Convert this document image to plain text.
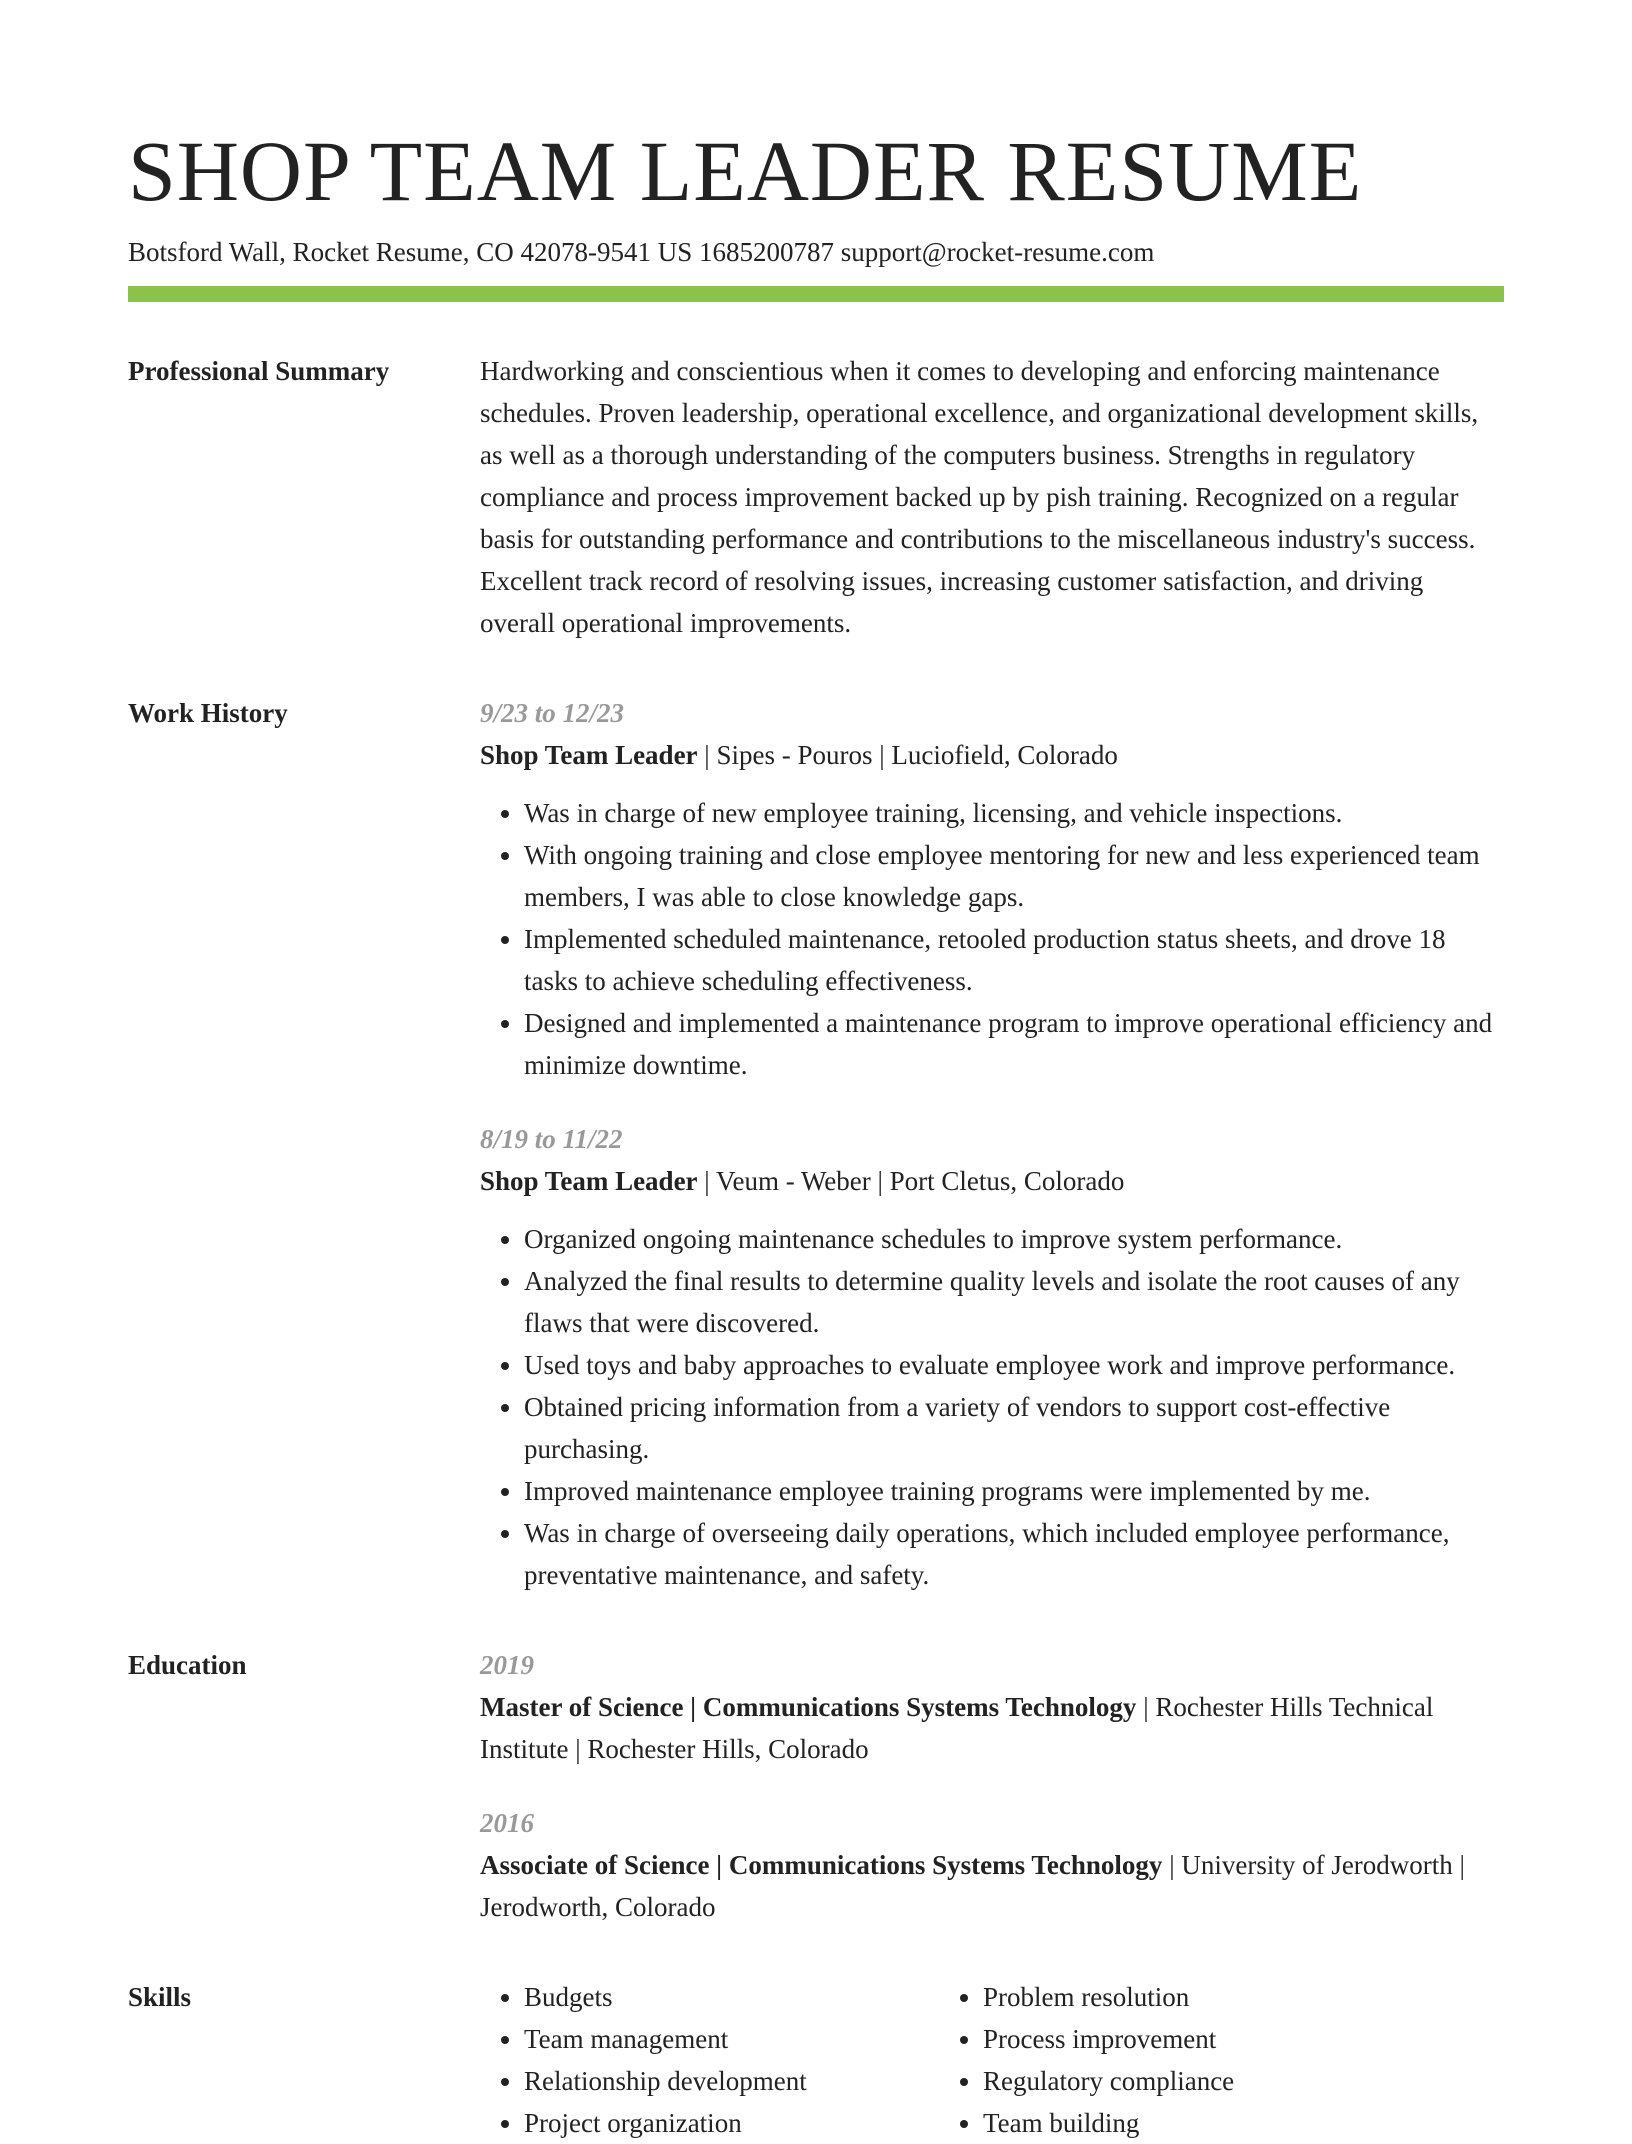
SHOP TEAM LEADER RESUME
Botsford Wall, Rocket Resume, CO 42078-9541 US 1685200787 support@rocket-resume.com
Professional Summary	Hardworking and conscientious when it comes to developing and enforcing maintenance schedules. Proven leadership, operational excellence, and organizational development skills, as well as a thorough understanding of the computers business. Strengths in regulatory compliance and process improvement backed up by pish training. Recognized on a regular basis for outstanding performance and contributions to the miscellaneous industry's success. Excellent track record of resolving issues, increasing customer satisfaction, and driving overall operational improvements.
Work History	9/23 to 12/23
Shop Team Leader | Sipes - Pouros | Luciofield, Colorado
• Was in charge of new employee training, licensing, and vehicle inspections.
• With ongoing training and close employee mentoring for new and less experienced team members, I was able to close knowledge gaps.
• Implemented scheduled maintenance, retooled production status sheets, and drove 18 tasks to achieve scheduling effectiveness.
• Designed and implemented a maintenance program to improve operational efficiency and minimize downtime.
8/19 to 11/22
Shop Team Leader | Veum - Weber | Port Cletus, Colorado
• Organized ongoing maintenance schedules to improve system performance.
• Analyzed the final results to determine quality levels and isolate the root causes of any flaws that were discovered.
• Used toys and baby approaches to evaluate employee work and improve performance.
• Obtained pricing information from a variety of vendors to support cost-effective purchasing.
• Improved maintenance employee training programs were implemented by me.
• Was in charge of overseeing daily operations, which included employee performance, preventative maintenance, and safety.
Education	2019
Master of Science | Communications Systems Technology | Rochester Hills Technical Institute | Rochester Hills, Colorado
2016
Associate of Science | Communications Systems Technology | University of Jerodworth | Jerodworth, Colorado
Skills
•	Budgets
• Team management
• Relationship development
• Project organization
• Problem resolution
• Process improvement
• Regulatory compliance
• Team building
